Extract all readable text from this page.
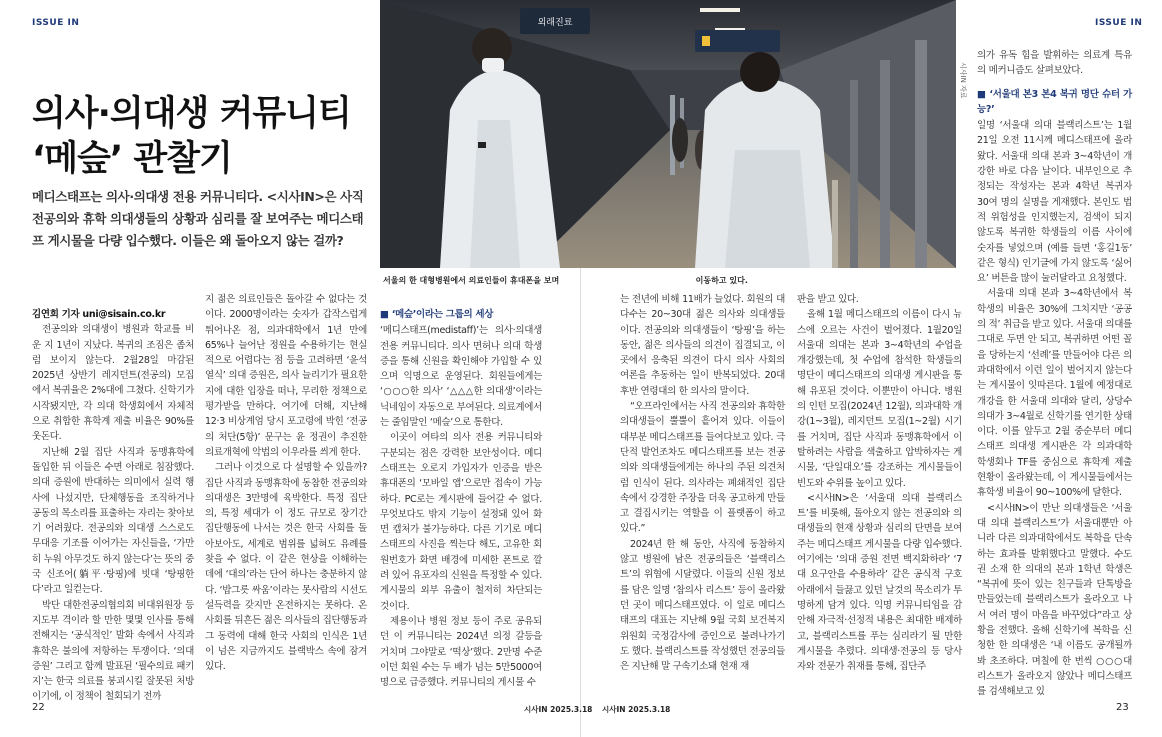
ISSUE IN	ISSUE IN
의사·의대생 커뮤니티
‘메슾’ 관찰기

메디스태프는 의사·의대생 전용 커뮤니티다. <시사IN>은 사직 전공의와 휴학 의대생들의 상황과 심리를 잘 보여주는 메디스태프 게시물을 다량 입수했다. 이들은 왜 돌아오지 않는 걸까?

외래진료
시사IN 자료
서울의 한 대형병원에서 의료인들이 휴대폰을 보며                                                 이동하고 있다.

김연희 기자 uni@sisain.co.kr

전공의와 의대생이 병원과 학교를 비운 지 1년이 지났다. 복귀의 조짐은 좀처럼 보이지 않는다. 2월28일 마감된 2025년 상반기 레지던트(전공의) 모집에서 복귀율은 2%대에 그쳤다. 신학기가 시작됐지만, 각 의대 학생회에서 자체적으로 취합한 휴학계 제출 비율은 90%를 웃돈다.

지난해 2월 집단 사직과 동맹휴학에 돌입한 뒤 이들은 수면 아래로 침잠했다. 의대 증원에 반대하는 의미에서 실력 행사에 나섰지만, 단체행동을 조직하거나 공동의 목소리를 표출하는 자리는 찾아보기 어려웠다. 전공의와 의대생 스스로도 무대응 기조를 이어가는 자신들을, ‘가만히 누워 아무것도 하지 않는다’는 뜻의 중국 신조어(躺平·탕핑)에 빗대 ‘탕핑한다’라고 일컫는다.

박단 대한전공의협의회 비대위원장 등 지도부 격이라 할 만한 몇몇 인사를 통해 전해지는 ‘공식적인’ 발화 속에서 사직과 휴학은 불의에 저항하는 투쟁이다. ‘의대 증원’ 그리고 함께 발표된 ‘필수의료 패키지’는 한국 의료를 붕괴시킬 잘못된 처방이기에, 이 정책이 철회되기 전까

지 젊은 의료인들은 돌아갈 수 없다는 것이다. 2000명이라는 숫자가 갑작스럽게 튀어나온 점, 의과대학에서 1년 만에 65%나 늘어난 정원을 수용하기는 현실적으로 어렵다는 점 등을 고려하면 ‘윤석열식’ 의대 증원은, 의사 늘리기가 필요한 지에 대한 입장을 떠나, 무리한 정책으로 평가받을 만하다. 여기에 더해, 지난해 12·3 비상계엄 당시 포고령에 박힌 ‘전공의 처단(5항)’ 문구는 윤 정권이 추진한 의료개혁에 악법의 이우라를 씌게 한다.

그러나 이것으로 다 설명할 수 있을까? 집단 사직과 동맹휴학에 동참한 전공의와 의대생은 3만명에 육박한다. 특정 집단의, 특정 세대가 이 정도 규모로 장기간 집단행동에 나서는 것은 한국 사회를 돌아보아도, 세계로 범위를 넓혀도 유례를 찾을 수 없다. 이 같은 현상을 이해하는 데에 ‘대의’라는 단어 하나는 충분하지 않다. ‘밥그릇 싸움’이라는 못사람의 시선도 설득력을 갖지만 온전하지는 못하다. 온 사회를 뒤흔든 젊은 의사들의 집단행동과 그 동력에 대해 한국 사회의 인식은 1년이 넘은 지금까지도 블랙박스 속에 잠겨 있다.

■ ‘메슾’이라는 그룹의 세상

‘메디스태프(medistaff)’는 의사·의대생 전용 커뮤니티다. 의사 면허나 의대 학생증을 통해 신원을 확인해야 가입할 수 있으며 익명으로 운영된다. 회원들에게는 ‘○○○한 의사’ ‘△△△한 의대생’이라는 닉네임이 자동으로 부여된다. 의료계에서는 줄임말인 ‘메슾’으로 통한다.

이곳이 여타의 의사 전용 커뮤니티와 구분되는 점은 강력한 보안성이다. 메디스태프는 오로지 가입자가 인증을 받은 휴대폰의 ‘모바일 앱’으로만 접속이 가능하다. PC로는 게시판에 들어갈 수 없다. 무엇보다도 밖지 기능이 설정돼 있어 화면 캡처가 불가능하다. 다른 기기로 메디스태프의 사진을 찍는다 해도, 고유한 회원번호가 화면 배경에 미세한 폰트로 깔려 있어 유포자의 신원을 특정할 수 있다. 게시물의 외부 유출이 철저히 차단되는 것이다.

제용이나 병원 정보 등이 주로 공유되던 이 커뮤니티는 2024년 의정 갈등을 거치며 그야말로 ‘떡상’했다. 2만명 수준이던 회원 수는 두 배가 넘는 5만5000여 명으로 급증했다. 커뮤니티의 게시물 수

는 전년에 비해 11배가 늘었다. 회원의 대다수는 20~30대 젊은 의사와 의대생들이다. 전공의와 의대생들이 ‘탕핑’을 하는 동안, 젊은 의사들의 의견이 집결되고, 이곳에서 응축된 의견이 다시 의사 사회의 여론을 추동하는 일이 반복되었다. 20대 후반 연령대의 한 의사의 말이다.

“오프라인에서는 사직 전공의와 휴학한 의대생들이 뿔뿔이 흩어져 있다. 이들이 대부분 메디스태프를 들여다보고 있다. 극단적 발언조차도 메디스태프를 보는 전공의와 의대생들에게는 하나의 주된 의견처럼 인식이 된다. 의사라는 폐쇄적인 집단 속에서 강경한 주장을 더욱 공고하게 만들고 결집시키는 역할을 이 플랫폼이 하고 있다.”

2024년 한 해 동안, 사직에 동참하지 않고 병원에 남은 전공의들은 ‘블랙리스트’의 위협에 시달렸다. 이들의 신원 정보를 담은 일명 ‘참의사 리스트’ 등이 올라왔던 곳이 메디스태프였다. 이 일로 메디스태프의 대표는 지난해 9월 국회 보건복지위원회 국정감사에 증인으로 불려나가기도 했다. 블랙리스트를 작성했던 전공의들은 지난해 말 구속기소돼 현재 재

판을 받고 있다.

올해 1월 메디스태프의 이름이 다시 뉴스에 오르는 사건이 벌어졌다. 1월20일 서울대 의대는 본과 3~4학년의 수업을 개강했는데, 첫 수업에 참석한 학생들의 명단이 메디스태프의 의대생 게시판을 통해 유포된 것이다. 이뿐만이 아니다. 병원의 인턴 모집(2024년 12월), 의과대학 개강(1~3월), 레지던트 모집(1~2월) 시기를 거치며, 집단 사직과 동맹휴학에서 이탈하려는 사람을 색출하고 압박하자는 게시물, ‘단일대오’를 강조하는 게시물들이 빈도와 수위를 높이고 있다.

<시사IN>은 ‘서울대 의대 블랙리스트’를 비롯해, 돌아오지 않는 전공의와 의대생들의 현재 상황과 심리의 단면을 보여주는 메디스태프 게시물을 다량 입수했다. 여기에는 ‘의대 증원 전면 백지화하라’ ‘7대 요구안을 수용하라’ 같은 공식적 구호 아래에서 들끓고 있던 날것의 목소리가 투명하게 담겨 있다. 익명 커뮤니티임을 감안해 자극적·선정적 내용은 최대한 배제하고, 블랙리스트를 푸는 심리라기 될 만한 게시물을 추렸다. 의대생·전공의 등 당사자와 전문가 취재를 통해, 집단주

의가 유독 힘을 발휘하는 의료계 특유의 메커니즘도 살펴보았다.

■ ‘서울대 본3 본4 복귀 명단 슈터 가능?’

일명 ‘서울대 의대 블랙리스트’는 1월21일 오전 11시께 메디스태프에 올라왔다. 서울대 의대 본과 3~4학년이 개강한 바로 다음 날이다. 내부인으로 추정되는 작성자는 본과 4학년 복귀자 30여 명의 실명을 게재했다. 본인도 법적 위험성을 인지했는지, 검색이 되지 않도록 복귀한 학생들의 이름 사이에 숫자를 넣었으며 (예를 들면 ‘홍길1동’ 같은 형식) 인기글에 가지 않도록 ‘싫어요’ 버튼을 많이 눌러달라고 요청했다.

서울대 의대 본과 3~4학년에서 복학생의 비율은 30%에 그치지만 ‘공공의 적’ 취급을 받고 있다. 서울대 의대를 그대로 두면 안 되고, 복귀하면 어떤 꼴을 당하는지 ‘선례’를 만들어야 다른 의과대학에서 이런 일이 벌어지지 않는다는 게시물이 잇따른다. 1월에 예정대로 개강을 한 서울대 의대와 달리, 상당수 의대가 3~4월로 신학기를 연기한 상태이다. 이를 앞두고 2월 중순부터 메디스태프 의대생 게시판은 각 의과대학 학생회나 TF를 중심으로 휴학계 제출 현황이 올라왔는데, 이 게시물들에서는 휴학생 비율이 90~100%에 달한다.

<시사IN>이 만난 의대생들은 ‘서울대 의대 블랙리스트’가 서울대뿐만 아니라 다른 의과대학에서도 복학을 단속하는 효과를 발휘했다고 말했다. 수도권 소재 한 의대의 본과 1학년 학생은 “복귀에 뜻이 있는 친구들과 단톡방을 만들었는데 블랙리스트가 올라오고 나서 여러 명이 마음을 바꾸었다”라고 상황을 전했다. 올해 신학기에 복학을 신청한 한 의대생은 ‘내 이름도 공개될까 봐 초조하다. 며칠에 한 번씩 ○○○대 리스트가 올라오지 않았나 메디스태프를 검색해보고 있

22	시사IN 2025.3.18 시사IN 2025.3.18	23
